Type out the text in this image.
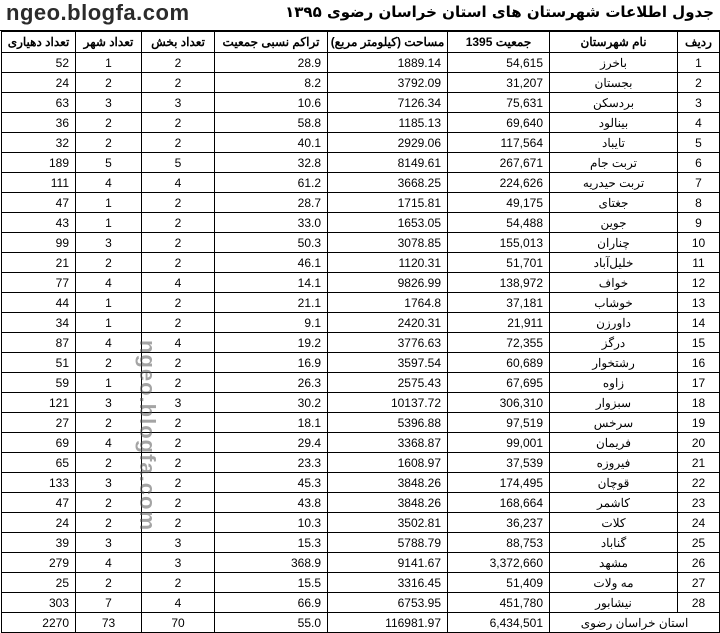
جدول اطلاعات شهرستان های استان خراسان رضوی ۱۳۹۵
ngeo.blogfa.com
ردیف	نام شهرستان	جمعیت 1395	مساحت (کیلومتر مربع)	تراکم نسبی جمعیت	تعداد بخش	تعداد شهر	تعداد دهیاری
1	باخرز	54,615	1889.14	28.9	2	1	52
2	بجستان	31,207	3792.09	8.2	2	2	24
3	بردسکن	75,631	7126.34	10.6	3	3	63
4	بینالود	69,640	1185.13	58.8	2	2	36
5	تایباد	117,564	2929.06	40.1	2	2	32
6	تربت جام	267,671	8149.61	32.8	5	5	189
7	تربت حیدریه	224,626	3668.25	61.2	4	4	111
8	جغتای	49,175	1715.81	28.7	2	1	47
9	جوین	54,488	1653.05	33.0	2	1	43
10	چناران	155,013	3078.85	50.3	2	3	99
11	خلیل‌آباد	51,701	1120.31	46.1	2	2	21
12	خواف	138,972	9826.99	14.1	4	4	77
13	خوشاب	37,181	1764.8	21.1	2	1	44
14	داورزن	21,911	2420.31	9.1	2	1	34
15	درگز	72,355	3776.63	19.2	4	4	87
16	رشتخوار	60,689	3597.54	16.9	2	2	51
17	زاوه	67,695	2575.43	26.3	2	1	59
18	سبزوار	306,310	10137.72	30.2	3	3	121
19	سرخس	97,519	5396.88	18.1	2	2	27
20	فریمان	99,001	3368.87	29.4	2	4	69
21	فیروزه	37,539	1608.97	23.3	2	2	65
22	قوچان	174,495	3848.26	45.3	2	3	133
23	کاشمر	168,664	3848.26	43.8	2	2	47
24	کلات	36,237	3502.81	10.3	2	2	24
25	گناباد	88,753	5788.79	15.3	3	3	39
26	مشهد	3,372,660	9141.67	368.9	3	4	279
27	مه ولات	51,409	3316.45	15.5	2	2	25
28	نیشابور	451,780	6753.95	66.9	4	7	303
استان خراسان رضوی		6,434,501	116981.97	55.0	70	73	2270
ngeo.blogfa.com
